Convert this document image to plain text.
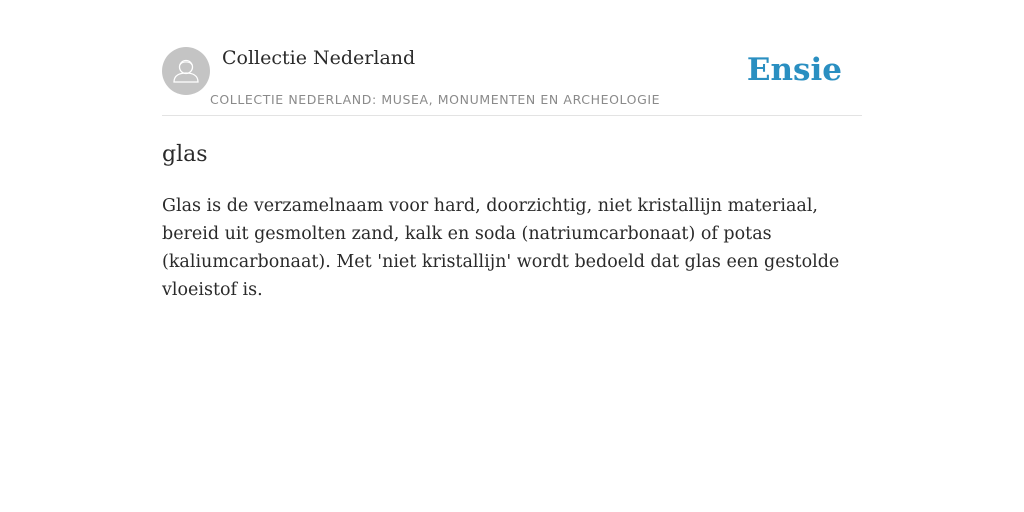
Collectie Nederland
COLLECTIE NEDERLAND: MUSEA, MONUMENTEN EN ARCHEOLOGIE
Ensie
glas

Glas is de verzamelnaam voor hard, doorzichtig, niet kristallijn materiaal, bereid uit gesmolten zand, kalk en soda (natriumcarbonaat) of potas (kaliumcarbonaat). Met 'niet kristallijn' wordt bedoeld dat glas een gestolde vloeistof is.
